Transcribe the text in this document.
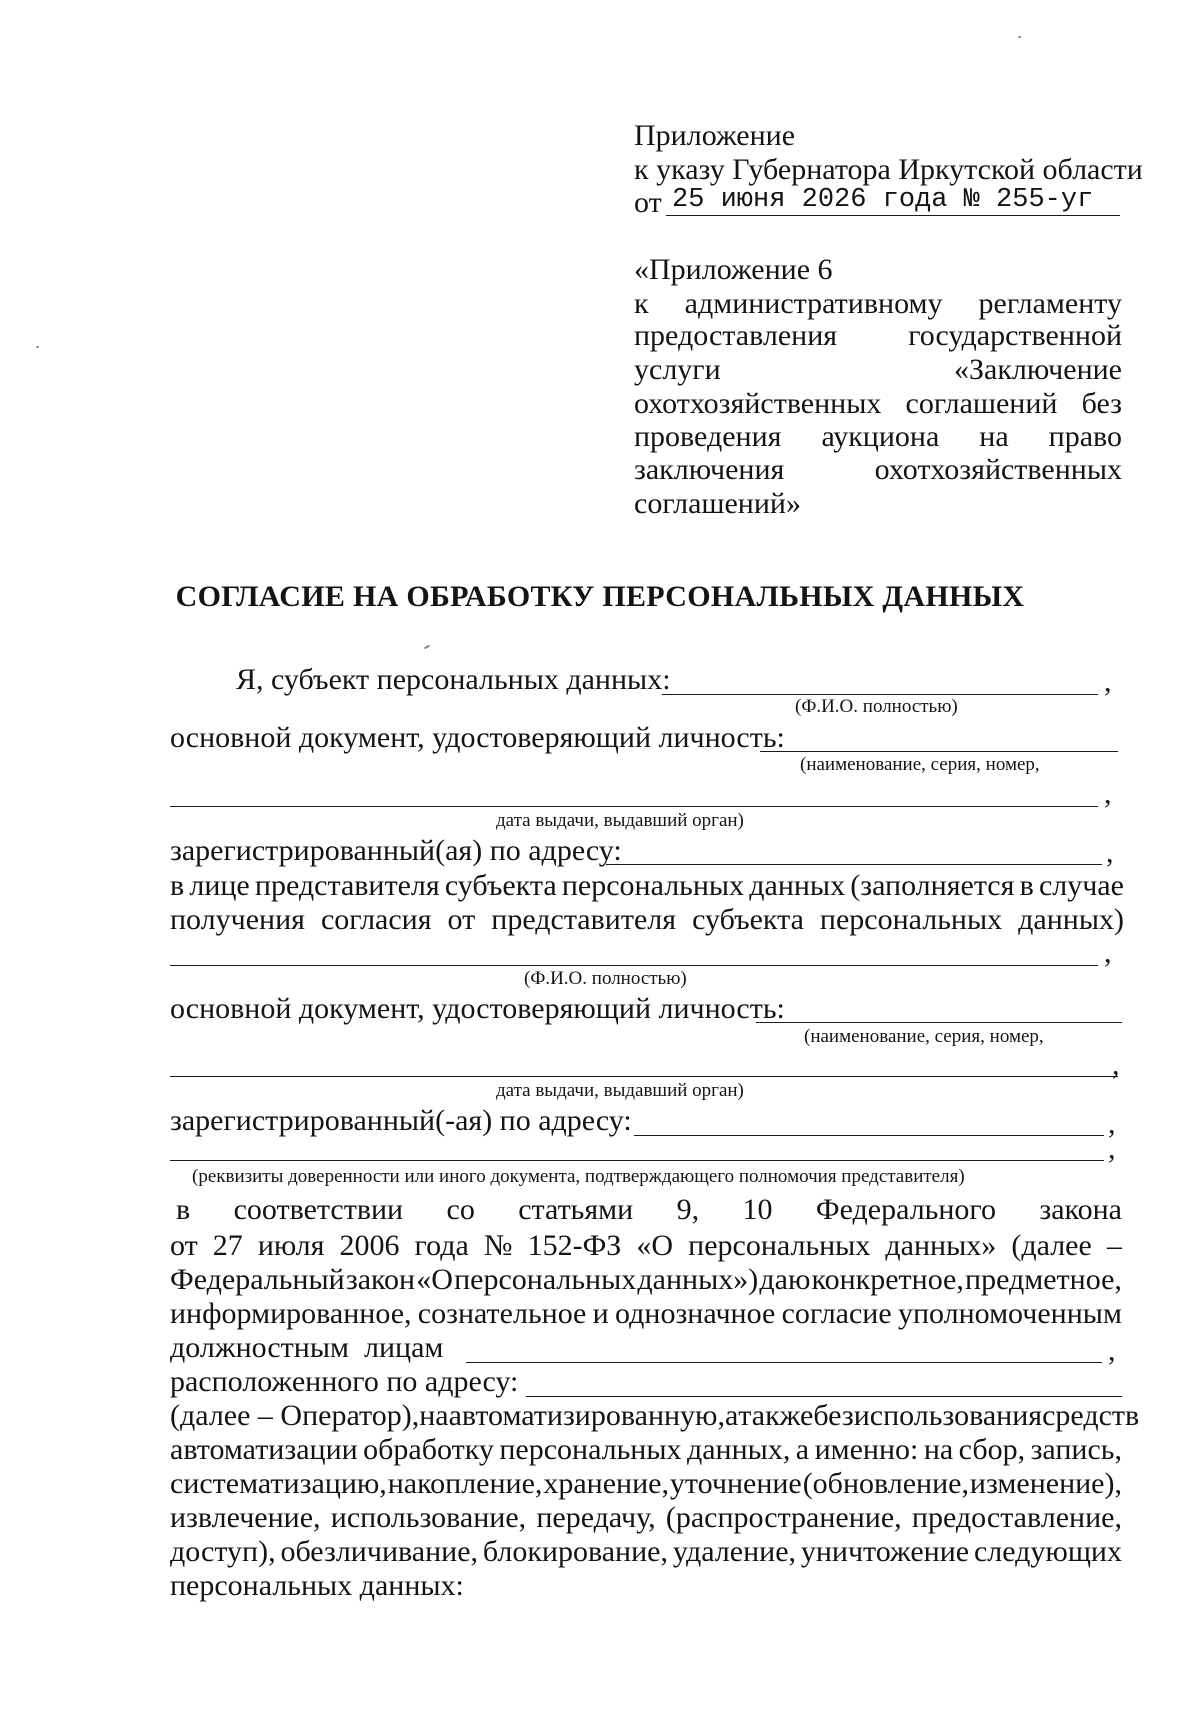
Приложение
к указу Губернатора Иркутской области
от 25 июня 2026 года № 255-уг
«Приложение 6
к административному регламенту
предоставления государственной
услуги	«Заключение
охотхозяйственных соглашений без
проведения аукциона на право
заключения	охотхозяйственных
соглашений»
СОГЛАСИЕ НА ОБРАБОТКУ ПЕРСОНАЛЬНЫХ ДАННЫХ
Я, субъект персональных данных:	,
(Ф.И.О. полностью)
основной документ, удостоверяющий личность:
(наименование, серия, номер,
,
дата выдачи, выдавший орган)
зарегистрированный(ая) по адресу:	,
в лице представителя субъекта персональных данных (заполняется в случае
получения согласия от представителя субъекта персональных данных)
,
(Ф.И.О. полностью)
основной документ, удостоверяющий личность:
(наименование, серия, номер,
,
дата выдачи, выдавший орган)
зарегистрированный(-ая) по адресу:	,
,
(реквизиты доверенности или иного документа, подтверждающего полномочия представителя)
в соответствии со статьями 9, 10 Федерального закона
от 27 июля 2006 года № 152-ФЗ «О персональных данных» (далее –
Федеральный закон «О персональных данных») даю конкретное, предметное,
информированное, сознательное и однозначное согласие уполномоченным
должностным лицам	,
расположенного по адресу:
(далее – Оператор), на автоматизированную, а также без использования средств
автоматизации обработку персональных данных, а именно: на сбор, запись,
систематизацию, накопление, хранение, уточнение (обновление, изменение),
извлечение, использование, передачу, (распространение, предоставление,
доступ), обезличивание, блокирование, удаление, уничтожение следующих
персональных данных:
